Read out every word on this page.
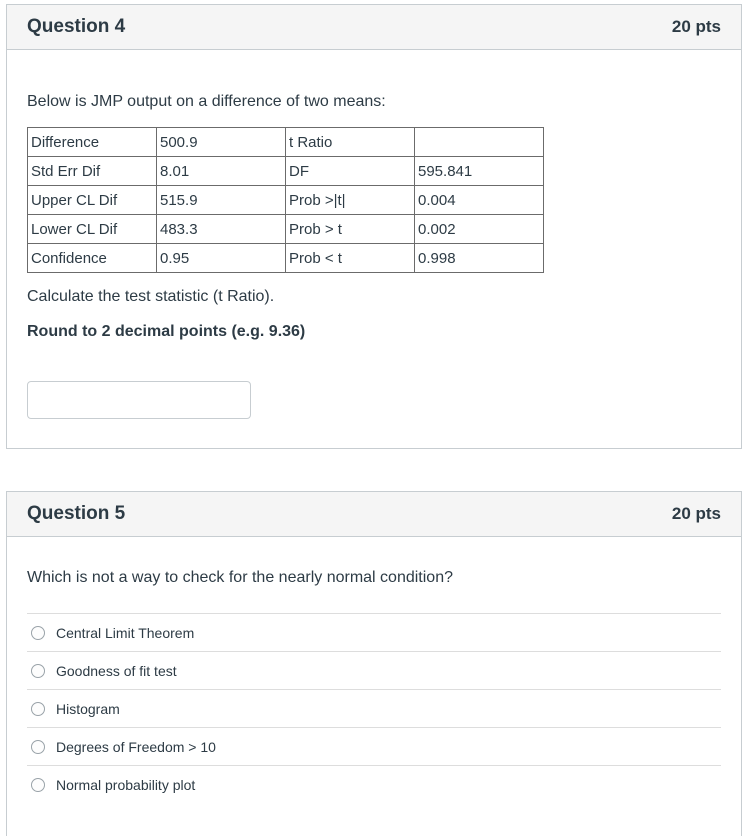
Question 4	20 pts
Below is JMP output on a difference of two means:
Difference	500.9	t Ratio	
Std Err Dif	8.01	DF	595.841
Upper CL Dif	515.9	Prob >|t|	0.004
Lower CL Dif	483.3	Prob > t	0.002
Confidence	0.95	Prob < t	0.998
Calculate the test statistic (t Ratio).
Round to 2 decimal points (e.g. 9.36)
Question 5	20 pts
Which is not a way to check for the nearly normal condition?
Central Limit Theorem
Goodness of fit test
Histogram
Degrees of Freedom > 10
Normal probability plot
